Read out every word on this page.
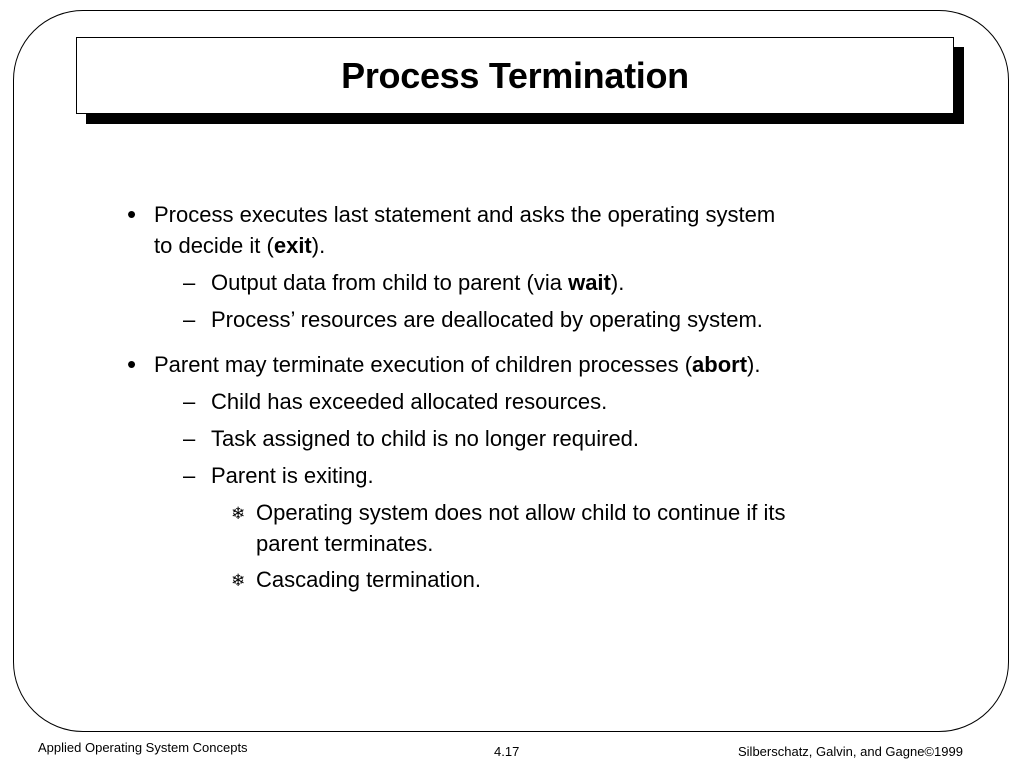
Process Termination
• Process executes last statement and asks the operating system
to decide it (exit).
– Output data from child to parent (via wait).
– Process’ resources are deallocated by operating system.
• Parent may terminate execution of children processes (abort).
– Child has exceeded allocated resources.
– Task assigned to child is no longer required.
– Parent is exiting.
❄ Operating system does not allow child to continue if its
parent terminates.
❄ Cascading termination.
Applied Operating System Concepts	4.17	Silberschatz, Galvin, and Gagne©1999
